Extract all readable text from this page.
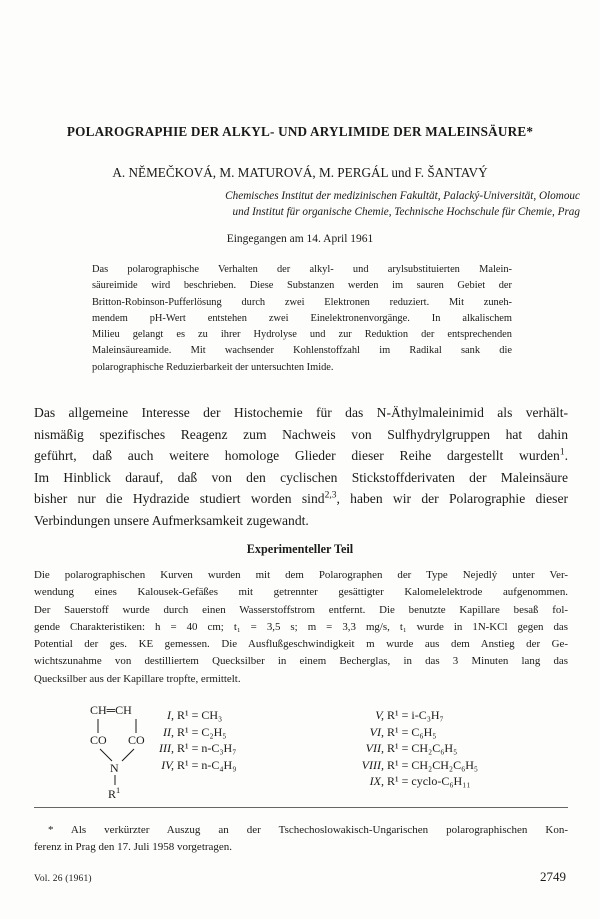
POLAROGRAPHIE DER ALKYL- UND ARYLIMIDE DER MALEINSÄURE*
A. NĚMEČKOVÁ, M. MATUROVÁ, M. PERGÁL und F. ŠANTAVÝ
Chemisches Institut der medizinischen Fakultät, Palacký-Universität, Olomouc
und Institut für organische Chemie, Technische Hochschule für Chemie, Prag
Eingegangen am 14. April 1961

Das polarographische Verhalten der alkyl- und arylsubstituierten Malein-

säureimide wird beschrieben. Diese Substanzen werden im sauren Gebiet der

Britton-Robinson-Pufferlösung durch zwei Elektronen reduziert. Mit zuneh-

mendem pH-Wert entstehen zwei Einelektronenvorgänge. In alkalischem

Milieu gelangt es zu ihrer Hydrolyse und zur Reduktion der entsprechenden

Maleinsäureamide. Mit wachsender Kohlenstoffzahl im Radikal sank die

polarographische Reduzierbarkeit der untersuchten Imide.

Das allgemeine Interesse der Histochemie für das N-Äthylmaleinimid als verhält-
nismäßig spezifisches Reagenz zum Nachweis von Sulfhydrylgruppen hat dahin
geführt, daß auch weitere homologe Glieder dieser Reihe dargestellt wurden$^1$.
Im Hinblick darauf, daß von den cyclischen Stickstoffderivaten der Maleinsäure
bisher nur die Hydrazide studiert worden sind$^{2,3}$, haben wir der Polarographie dieser
Verbindungen unsere Aufmerksamkeit zugewandt.
Experimenteller Teil
Die polarographischen Kurven wurden mit dem Polarographen der Type Nejedlý unter Ver-
wendung eines Kalousek-Gefäßes mit getrennter gesättigter Kalomelelektrode aufgenommen.
Der Sauerstoff wurde durch einen Wasserstoffstrom entfernt. Die benutzte Kapillare besaß fol-
gende Charakteristiken: h = 40 cm; t₁ = 3,5 s; m = 3,3 mg/s, t₁ wurde in 1N-KCl gegen das
Potential der ges. KE gemessen. Die Ausflußgeschwindigkeit m wurde aus dem Anstieg der Ge-
wichtszunahme von destilliertem Quecksilber in einem Becherglas, in das 3 Minuten lang das
Quecksilber aus der Kapillare tropfte, ermittelt.
CH═CH
CO CO
N
$R^1$
I, R¹ = CH₃
II, R¹ = C₂H₅
III, R¹ = n-C₃H₇
IV, R¹ = n-C₄H₉
V, R¹ = i-C₃H₇
VI, R¹ = C₆H₅
VII, R¹ = CH₂C₆H₅
VIII, R¹ = CH₂CH₂C₆H₅
IX, R¹ = cyclo-C₆H₁₁
* Als verkürzter Auszug an der Tschechoslowakisch-Ungarischen polarographischen Kon-
ferenz in Prag den 17. Juli 1958 vorgetragen.
Vol. 26 (1961)	2749
